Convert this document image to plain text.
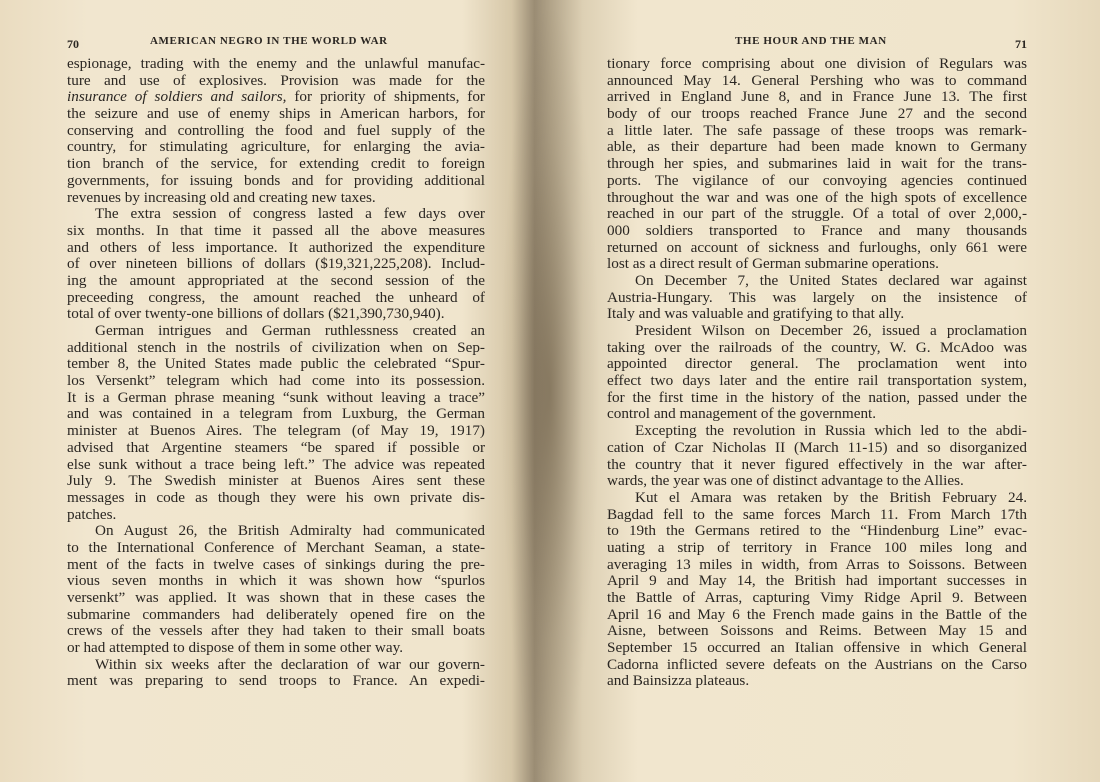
70	AMERICAN NEGRO IN THE WORLD WAR
espionage, trading with the enemy and the unlawful manufac-
ture and use of explosives. Provision was made for the
insurance of soldiers and sailors, for priority of shipments, for
the seizure and use of enemy ships in American harbors, for
conserving and controlling the food and fuel supply of the
country, for stimulating agriculture, for enlarging the avia-
tion branch of the service, for extending credit to foreign
governments, for issuing bonds and for providing additional
revenues by increasing old and creating new taxes.
The extra session of congress lasted a few days over
six months. In that time it passed all the above measures
and others of less importance. It authorized the expenditure
of over nineteen billions of dollars ($19,321,225,208). Includ-
ing the amount appropriated at the second session of the
preceeding congress, the amount reached the unheard of
total of over twenty-one billions of dollars ($21,390,730,940).
German intrigues and German ruthlessness created an
additional stench in the nostrils of civilization when on Sep-
tember 8, the United States made public the celebrated “Spur-
los Versenkt” telegram which had come into its possession.
It is a German phrase meaning “sunk without leaving a trace”
and was contained in a telegram from Luxburg, the German
minister at Buenos Aires. The telegram (of May 19, 1917)
advised that Argentine steamers “be spared if possible or
else sunk without a trace being left.” The advice was repeated
July 9. The Swedish minister at Buenos Aires sent these
messages in code as though they were his own private dis-
patches.
On August 26, the British Admiralty had communicated
to the International Conference of Merchant Seaman, a state-
ment of the facts in twelve cases of sinkings during the pre-
vious seven months in which it was shown how “spurlos
versenkt” was applied. It was shown that in these cases the
submarine commanders had deliberately opened fire on the
crews of the vessels after they had taken to their small boats
or had attempted to dispose of them in some other way.
Within six weeks after the declaration of war our govern-
ment was preparing to send troops to France. An expedi-
THE HOUR AND THE MAN	71
tionary force comprising about one division of Regulars was
announced May 14. General Pershing who was to command
arrived in England June 8, and in France June 13. The first
body of our troops reached France June 27 and the second
a little later. The safe passage of these troops was remark-
able, as their departure had been made known to Germany
through her spies, and submarines laid in wait for the trans-
ports. The vigilance of our convoying agencies continued
throughout the war and was one of the high spots of excellence
reached in our part of the struggle. Of a total of over 2,000,-
000 soldiers transported to France and many thousands
returned on account of sickness and furloughs, only 661 were
lost as a direct result of German submarine operations.
On December 7, the United States declared war against
Austria-Hungary. This was largely on the insistence of
Italy and was valuable and gratifying to that ally.
President Wilson on December 26, issued a proclamation
taking over the railroads of the country, W. G. McAdoo was
appointed director general. The proclamation went into
effect two days later and the entire rail transportation system,
for the first time in the history of the nation, passed under the
control and management of the government.
Excepting the revolution in Russia which led to the abdi-
cation of Czar Nicholas II (March 11-15) and so disorganized
the country that it never figured effectively in the war after-
wards, the year was one of distinct advantage to the Allies.
Kut el Amara was retaken by the British February 24.
Bagdad fell to the same forces March 11. From March 17th
to 19th the Germans retired to the “Hindenburg Line” evac-
uating a strip of territory in France 100 miles long and
averaging 13 miles in width, from Arras to Soissons. Between
April 9 and May 14, the British had important successes in
the Battle of Arras, capturing Vimy Ridge April 9. Between
April 16 and May 6 the French made gains in the Battle of the
Aisne, between Soissons and Reims. Between May 15 and
September 15 occurred an Italian offensive in which General
Cadorna inflicted severe defeats on the Austrians on the Carso
and Bainsizza plateaus.
